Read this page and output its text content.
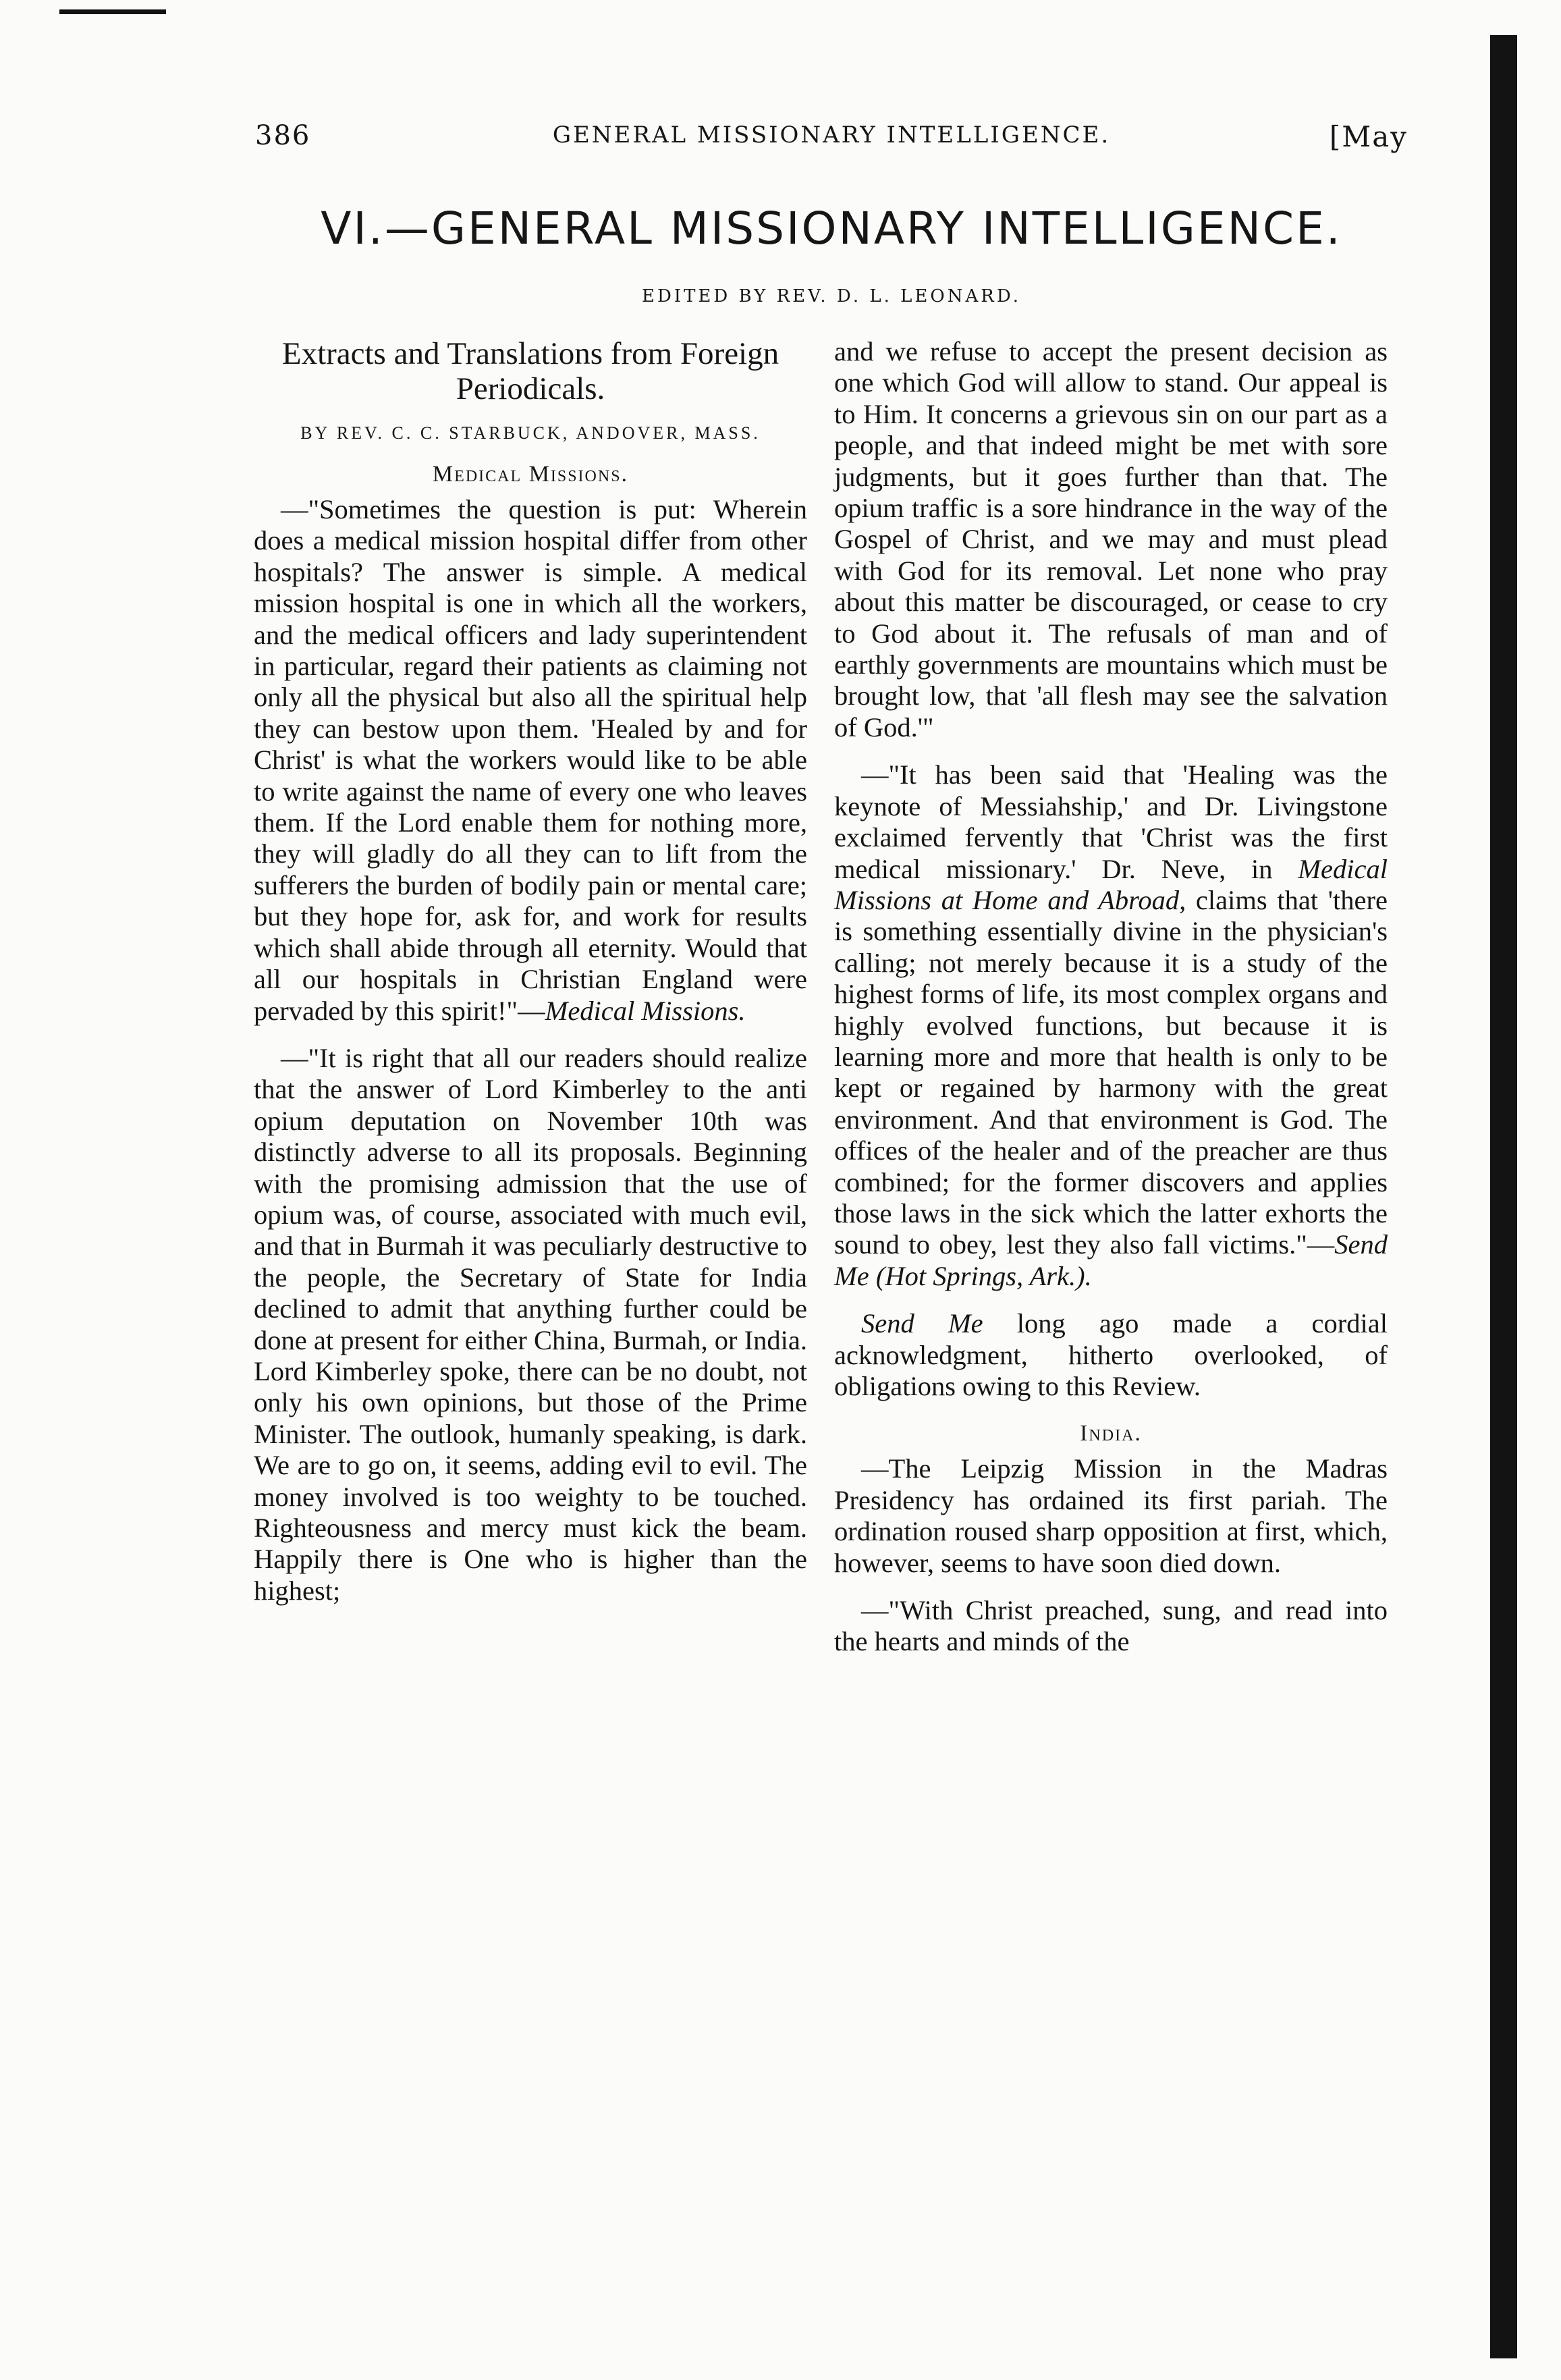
386	GENERAL MISSIONARY INTELLIGENCE.	[May
VI.—GENERAL MISSIONARY INTELLIGENCE.
EDITED BY REV. D. L. LEONARD.
Extracts and Translations from Foreign Periodicals.
BY REV. C. C. STARBUCK, ANDOVER, MASS.
Medical Missions.

—"Sometimes the question is put: Wherein does a medical mission hospital differ from other hospitals? The answer is simple. A medical mission hospital is one in which all the workers, and the medical officers and lady superintendent in particular, regard their patients as claiming not only all the physical but also all the spiritual help they can bestow upon them. 'Healed by and for Christ' is what the workers would like to be able to write against the name of every one who leaves them. If the Lord enable them for nothing more, they will gladly do all they can to lift from the sufferers the burden of bodily pain or mental care; but they hope for, ask for, and work for results which shall abide through all eternity. Would that all our hospitals in Christian England were pervaded by this spirit!"—Medical Missions.

—"It is right that all our readers should realize that the answer of Lord Kimberley to the anti opium deputation on November 10th was distinctly adverse to all its proposals. Beginning with the promising admission that the use of opium was, of course, associated with much evil, and that in Burmah it was peculiarly destructive to the people, the Secretary of State for India declined to admit that anything further could be done at present for either China, Burmah, or India. Lord Kimberley spoke, there can be no doubt, not only his own opinions, but those of the Prime Minister. The outlook, humanly speaking, is dark. We are to go on, it seems, adding evil to evil. The money involved is too weighty to be touched. Righteousness and mercy must kick the beam. Happily there is One who is higher than the highest;

and we refuse to accept the present decision as one which God will allow to stand. Our appeal is to Him. It concerns a grievous sin on our part as a people, and that indeed might be met with sore judgments, but it goes further than that. The opium traffic is a sore hindrance in the way of the Gospel of Christ, and we may and must plead with God for its removal. Let none who pray about this matter be discouraged, or cease to cry to God about it. The refusals of man and of earthly governments are mountains which must be brought low, that 'all flesh may see the salvation of God.'"

—"It has been said that 'Healing was the keynote of Messiahship,' and Dr. Livingstone exclaimed fervently that 'Christ was the first medical missionary.' Dr. Neve, in Medical Missions at Home and Abroad, claims that 'there is something essentially divine in the physician's calling; not merely because it is a study of the highest forms of life, its most complex organs and highly evolved functions, but because it is learning more and more that health is only to be kept or regained by harmony with the great environment. And that environment is God. The offices of the healer and of the preacher are thus combined; for the former discovers and applies those laws in the sick which the latter exhorts the sound to obey, lest they also fall victims."—Send Me (Hot Springs, Ark.).

Send Me long ago made a cordial acknowledgment, hitherto overlooked, of obligations owing to this Review.

India.

—The Leipzig Mission in the Madras Presidency has ordained its first pariah. The ordination roused sharp opposition at first, which, however, seems to have soon died down.

—"With Christ preached, sung, and read into the hearts and minds of the
